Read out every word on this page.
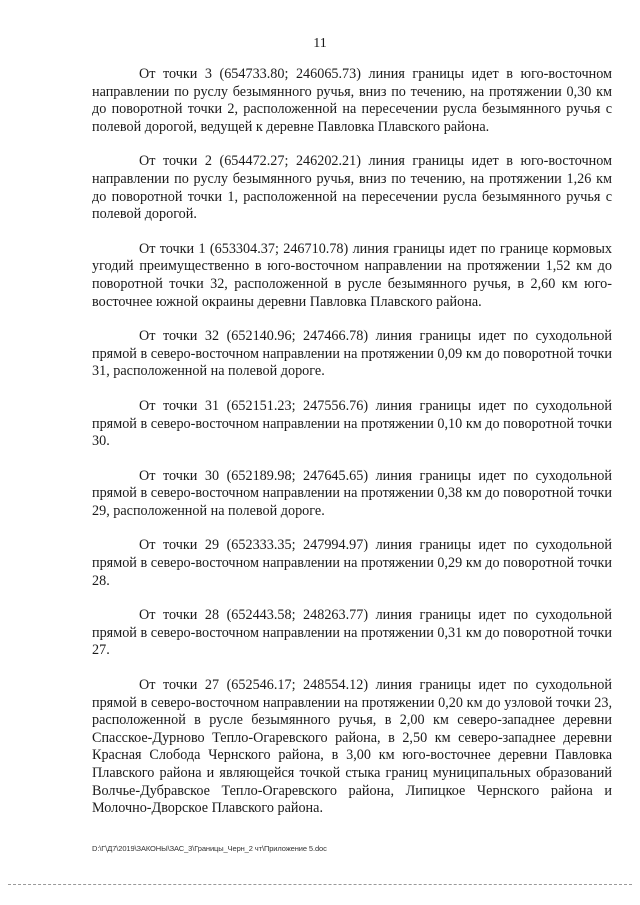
11

От точки 3 (654733.80; 246065.73) линия границы идет в юго-восточном направлении по руслу безымянного ручья, вниз по течению, на протяжении 0,30 км до поворотной точки 2, расположенной на пересечении русла безымянного ручья с полевой дорогой, ведущей к деревне Павловка Плавского района.

От точки 2 (654472.27; 246202.21) линия границы идет в юго-восточном направлении по руслу безымянного ручья, вниз по течению, на протяжении 1,26 км до поворотной точки 1, расположенной на пересечении русла безымянного ручья с полевой дорогой.

От точки 1 (653304.37; 246710.78) линия границы идет по границе кормовых угодий преимущественно в юго-восточном направлении на протяжении 1,52 км до поворотной точки 32, расположенной в русле безымянного ручья, в 2,60 км юго-восточнее южной окраины деревни Павловка Плавского района.

От точки 32 (652140.96; 247466.78) линия границы идет по суходольной прямой в северо-восточном направлении на протяжении 0,09 км до поворотной точки 31, расположенной на полевой дороге.

От точки 31 (652151.23; 247556.76) линия границы идет по суходольной прямой в северо-восточном направлении на протяжении 0,10 км до поворотной точки 30.

От точки 30 (652189.98; 247645.65) линия границы идет по суходольной прямой в северо-восточном направлении на протяжении 0,38 км до поворотной точки 29, расположенной на полевой дороге.

От точки 29 (652333.35; 247994.97) линия границы идет по суходольной прямой в северо-восточном направлении на протяжении 0,29 км до поворотной точки 28.

От точки 28 (652443.58; 248263.77) линия границы идет по суходольной прямой в северо-восточном направлении на протяжении 0,31 км до поворотной точки 27.

От точки 27 (652546.17; 248554.12) линия границы идет по суходольной прямой в северо-восточном направлении на протяжении 0,20 км до узловой точки 23, расположенной в русле безымянного ручья, в 2,00 км северо-западнее деревни Спасское-Дурново Тепло-Огаревского района, в 2,50 км северо-западнее деревни Красная Слобода Чернского района, в 3,00 км юго-восточнее деревни Павловка Плавского района и являющейся точкой стыка границ муниципальных образований Волчье-Дубравское Тепло-Огаревского района, Липицкое Чернского района и Молочно-Дворское Плавского района.

D:\Г\Д7\2019\ЗАКОНЫ\ЗАС_3\Границы_Черн_2 чт\Приложение 5.doc
